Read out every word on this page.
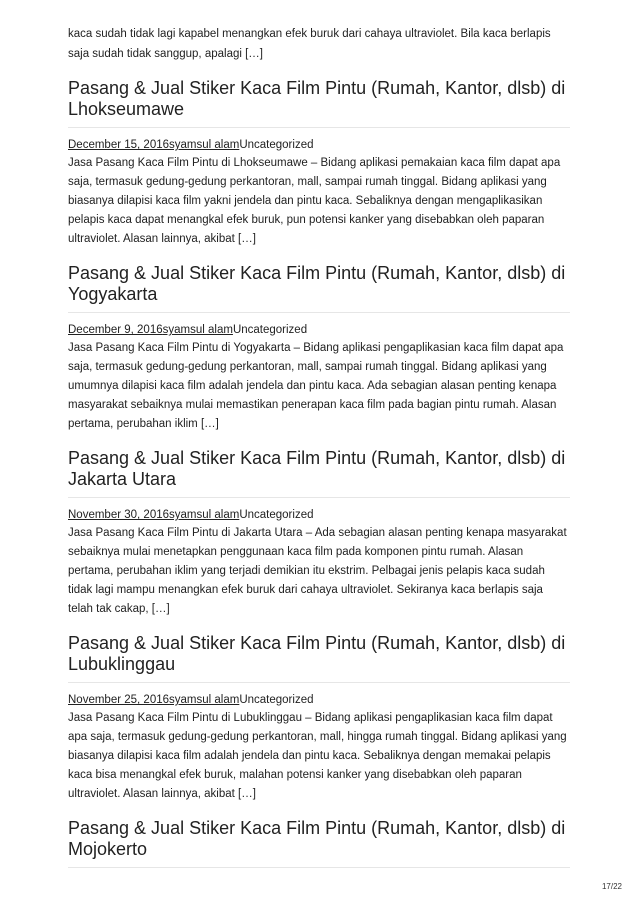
kaca sudah tidak lagi kapabel menangkan efek buruk dari cahaya ultraviolet. Bila kaca berlapis saja sudah tidak sanggup, apalagi […]

Pasang & Jual Stiker Kaca Film Pintu (Rumah, Kantor, dlsb) di Lhokseumawe
December 15, 2016syamsul alamUncategorized

Jasa Pasang Kaca Film Pintu di Lhokseumawe – Bidang aplikasi pemakaian kaca film dapat apa saja, termasuk gedung-gedung perkantoran, mall, sampai rumah tinggal. Bidang aplikasi yang biasanya dilapisi kaca film yakni jendela dan pintu kaca. Sebaliknya dengan mengaplikasikan pelapis kaca dapat menangkal efek buruk, pun potensi kanker yang disebabkan oleh paparan ultraviolet. Alasan lainnya, akibat […]

Pasang & Jual Stiker Kaca Film Pintu (Rumah, Kantor, dlsb) di Yogyakarta
December 9, 2016syamsul alamUncategorized

Jasa Pasang Kaca Film Pintu di Yogyakarta – Bidang aplikasi pengaplikasian kaca film dapat apa saja, termasuk gedung-gedung perkantoran, mall, sampai rumah tinggal. Bidang aplikasi yang umumnya dilapisi kaca film adalah jendela dan pintu kaca. Ada sebagian alasan penting kenapa masyarakat sebaiknya mulai memastikan penerapan kaca film pada bagian pintu rumah. Alasan pertama, perubahan iklim […]

Pasang & Jual Stiker Kaca Film Pintu (Rumah, Kantor, dlsb) di Jakarta Utara
November 30, 2016syamsul alamUncategorized

Jasa Pasang Kaca Film Pintu di Jakarta Utara – Ada sebagian alasan penting kenapa masyarakat sebaiknya mulai menetapkan penggunaan kaca film pada komponen pintu rumah. Alasan pertama, perubahan iklim yang terjadi demikian itu ekstrim. Pelbagai jenis pelapis kaca sudah tidak lagi mampu menangkan efek buruk dari cahaya ultraviolet. Sekiranya kaca berlapis saja telah tak cakap, […]

Pasang & Jual Stiker Kaca Film Pintu (Rumah, Kantor, dlsb) di Lubuklinggau
November 25, 2016syamsul alamUncategorized

Jasa Pasang Kaca Film Pintu di Lubuklinggau – Bidang aplikasi pengaplikasian kaca film dapat apa saja, termasuk gedung-gedung perkantoran, mall, hingga rumah tinggal. Bidang aplikasi yang biasanya dilapisi kaca film adalah jendela dan pintu kaca. Sebaliknya dengan memakai pelapis kaca bisa menangkal efek buruk, malahan potensi kanker yang disebabkan oleh paparan ultraviolet. Alasan lainnya, akibat […]

Pasang & Jual Stiker Kaca Film Pintu (Rumah, Kantor, dlsb) di Mojokerto
17/22
